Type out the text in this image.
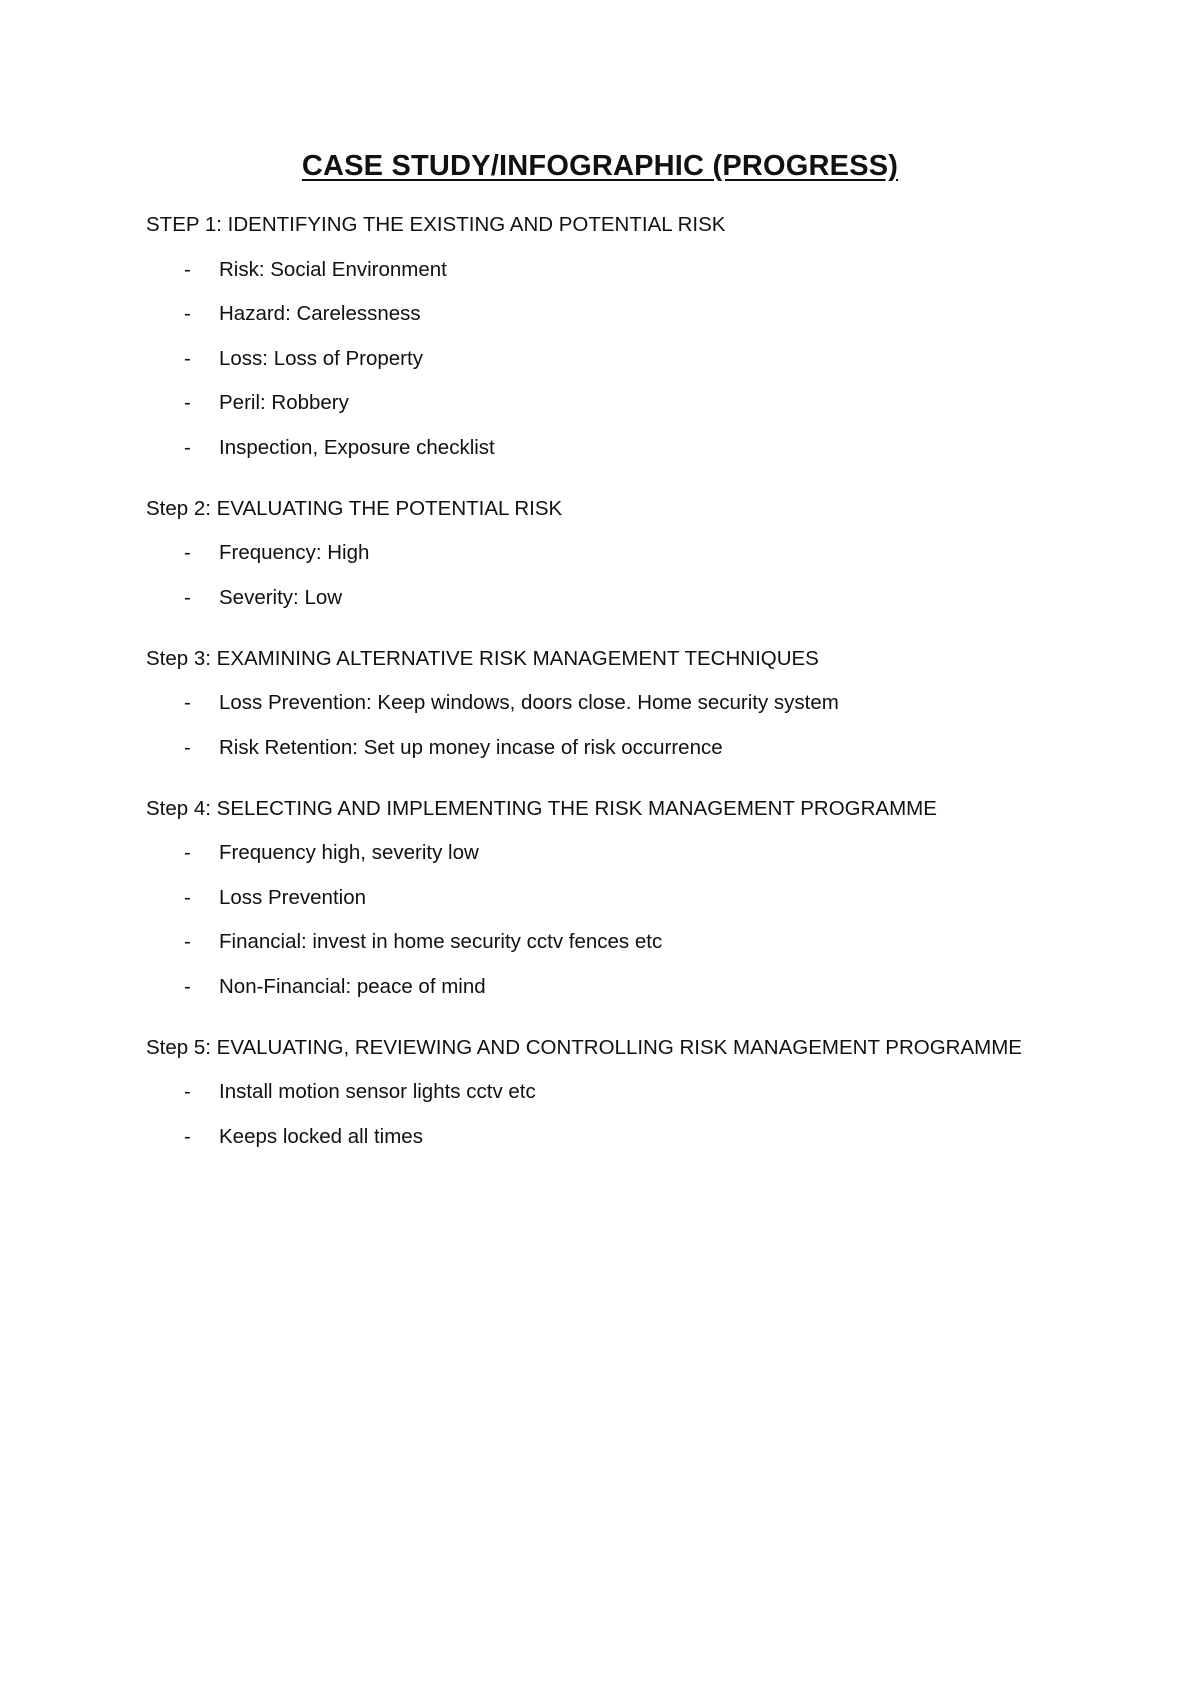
CASE STUDY/INFOGRAPHIC (PROGRESS)

STEP 1: IDENTIFYING THE EXISTING AND POTENTIAL RISK

- Risk: Social Environment
- Hazard: Carelessness
- Loss: Loss of Property
- Peril: Robbery
- Inspection, Exposure checklist

Step 2: EVALUATING THE POTENTIAL RISK

- Frequency: High
- Severity: Low

Step 3: EXAMINING ALTERNATIVE RISK MANAGEMENT TECHNIQUES

- Loss Prevention: Keep windows, doors close. Home security system
- Risk Retention: Set up money incase of risk occurrence

Step 4: SELECTING AND IMPLEMENTING THE RISK MANAGEMENT PROGRAMME

- Frequency high, severity low
- Loss Prevention
- Financial: invest in home security cctv fences etc
- Non-Financial: peace of mind

Step 5: EVALUATING, REVIEWING AND CONTROLLING RISK MANAGEMENT PROGRAMME

- Install motion sensor lights cctv etc
- Keeps locked all times
